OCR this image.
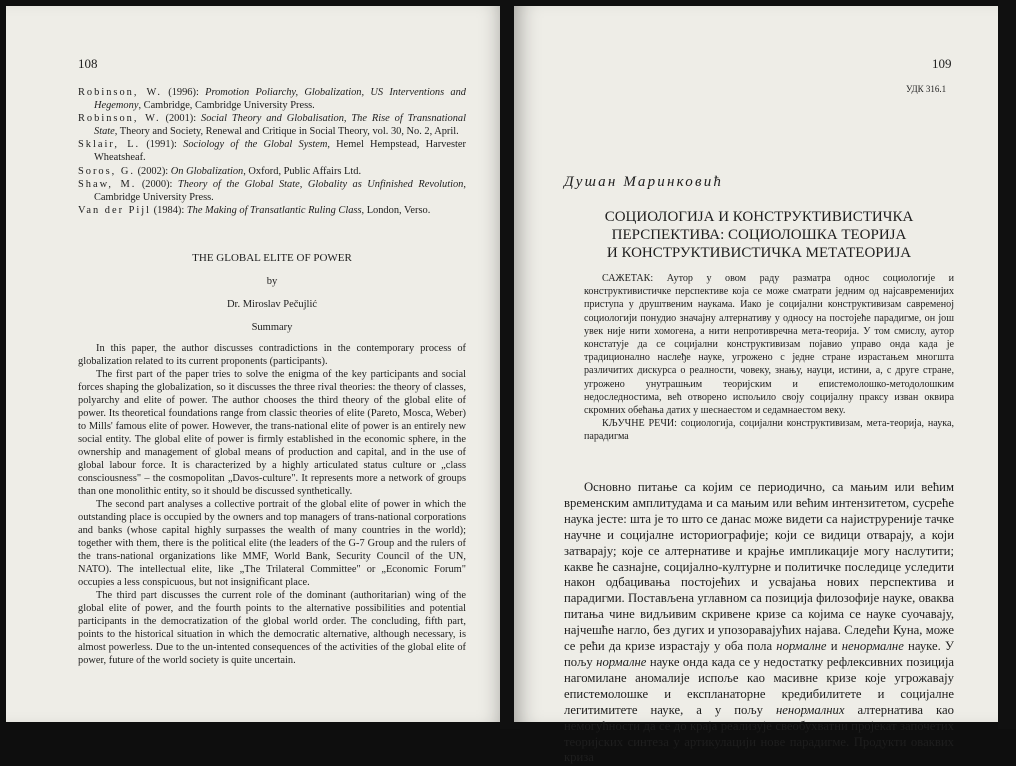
108

Robinson, W. (1996): Promotion Poliarchy, Globalization, US Interventions and Hegemony, Cambridge, Cambridge University Press.

Robinson, W. (2001): Social Theory and Globalisation, The Rise of Transnational State, Theory and Society, Renewal and Critique in Social Theory, vol. 30, No. 2, April.

Sklair, L. (1991): Sociology of the Global System, Hemel Hempstead, Harvester Wheatsheaf.

Soros, G. (2002): On Globalization, Oxford, Public Affairs Ltd.

Shaw, M. (2000): Theory of the Global State, Globality as Unfinished Revolution, Cambridge University Press.

Van der Pijl (1984): The Making of Transatlantic Ruling Class, London, Verso.

THE GLOBAL ELITE OF POWER
by
Dr. Miroslav Pečujlić
Summary

In this paper, the author discusses contradictions in the contemporary process of globalization related to its current proponents (participants).

The first part of the paper tries to solve the enigma of the key participants and social forces shaping the globalization, so it discusses the three rival theories: the theory of classes, polyarchy and elite of power. The author chooses the third theory of the global elite of power. Its theoretical foundations range from classic theories of elite (Pareto, Mosca, Weber) to Mills' famous elite of power. However, the trans-national elite of power is an entirely new social entity. The global elite of power is firmly established in the economic sphere, in the ownership and management of global means of production and capital, and in the use of global labour force. It is characterized by a highly articulated status culture or „class consciousness" – the cosmopolitan „Davos-culture". It represents more a network of groups than one monolithic entity, so it should be discussed synthetically.

The second part analyses a collective portrait of the global elite of power in which the outstanding place is occupied by the owners and top managers of trans-national corporations and banks (whose capital highly surpasses the wealth of many countries in the world); together with them, there is the political elite (the leaders of the G-7 Group and the rulers of the trans-national organizations like MMF, World Bank, Security Council of the UN, NATO). The intellectual elite, like „The Trilateral Committee" or „Economic Forum" occupies a less conspicuous, but not insignificant place.

The third part discusses the current role of the dominant (authoritarian) wing of the global elite of power, and the fourth points to the alternative possibilities and potential participants in the democratization of the global world order. The concluding, fifth part, points to the historical situation in which the democratic alternative, although necessary, is almost powerless. Due to the un-intented consequences of the activities of the global elite of power, future of the world society is quite uncertain.

109
УДК 316.1
Душан Маринковић
СОЦИОЛОГИЈА И КОНСТРУКТИВИСТИЧКА
ПЕРСПЕКТИВА: СОЦИОЛОШКА ТЕОРИЈА
И КОНСТРУКТИВИСТИЧКА МЕТАТЕОРИЈА

САЖЕТАК: Аутор у овом раду разматра однос социологије и конструктивистичке перспективе која се може сматрати једним од најсавременијих приступа у друштвеним наукама. Иако је социјални конструктивизам савременој социологији понудио значајну алтернативу у односу на постојеће парадигме, он још увек није нити хомогена, а нити непротивречна мета-теорија. У том смислу, аутор констатује да се социјални конструктивизам појавио управо онда када је традиционално наслеђе науке, угрожено с једне стране израстањем многшта различитих дискурса о реалности, човеку, знању, науци, истини, а, с друге стране, угрожено унутрашњим теоријским и епистемолошко-методолошким недоследностима, већ отворено испољило своју социјалну праксу изван оквира скромних обећања датих у шеснаестом и седамнаестом веку.

КЉУЧНЕ РЕЧИ: социологија, социјални конструктивизам, мета-теорија, наука, парадигма

Основно питање са којим се периодично, са мањим или већим временским амплитудама и са мањим или већим интензитетом, сусреће наука јесте: шта је то што се данас може видети са најиструреније тачке научне и социјалне историографије; који се видици отварају, а који затварају; које се алтернативе и крајње импликације могу наслутити; какве ће сазнајне, социјално-културне и политичке последице уследити након одбацивања постојећих и усвајања нових перспектива и парадигми. Постављена углавном са позиција филозофије науке, оваква питања чине видљивим скривене кризе са којима се науке суочавају, најчешће нагло, без дугих и упозоравајућих најава. Следећи Куна, може се рећи да кризе израстају у оба пола нормалне и ненормалне науке. У пољу нормалне науке онда када се у недостатку рефлексивних позиција нагомилане аномалије испоље као масивне кризе које угрожавају епистемолошке и експланаторне кредибилитете и социјалне легитимитете науке, а у пољу ненормалних алтернатива као немогућности да се до краја реализује свеобухватни пројекат започетих теоријских синтеза у артикулацији нове парадигме. Продукти оваквих криза
